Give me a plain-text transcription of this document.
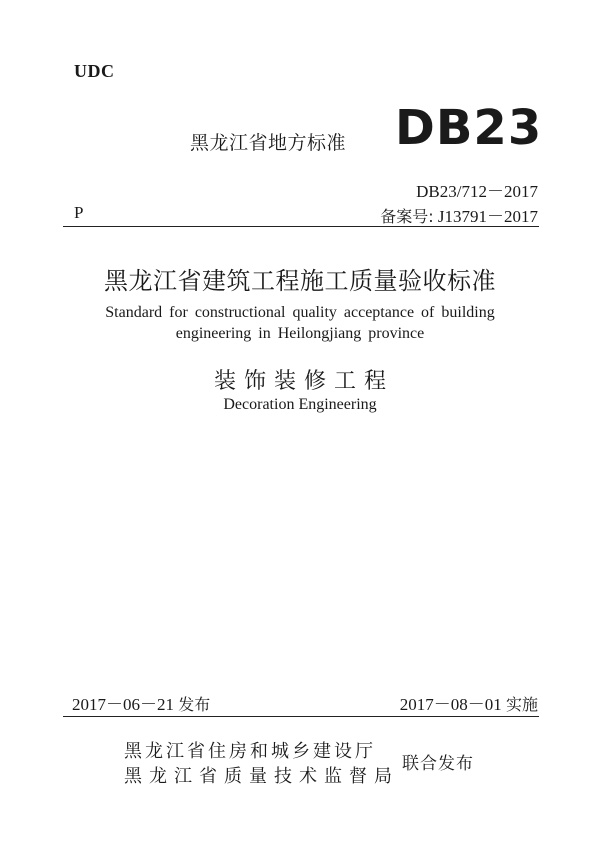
UDC
黑龙江省地方标准 DB23
DB23/712－2017
备案号: J13791－2017
P
黑龙江省建筑工程施工质量验收标准
Standard for constructional quality acceptance of building
engineering in Heilongjiang province
装饰装修工程
Decoration Engineering
2017－06－21 发布	2017－08－01 实施
黑龙江省住房和城乡建设厅
黑龙江省质量技术监督局
联合发布
